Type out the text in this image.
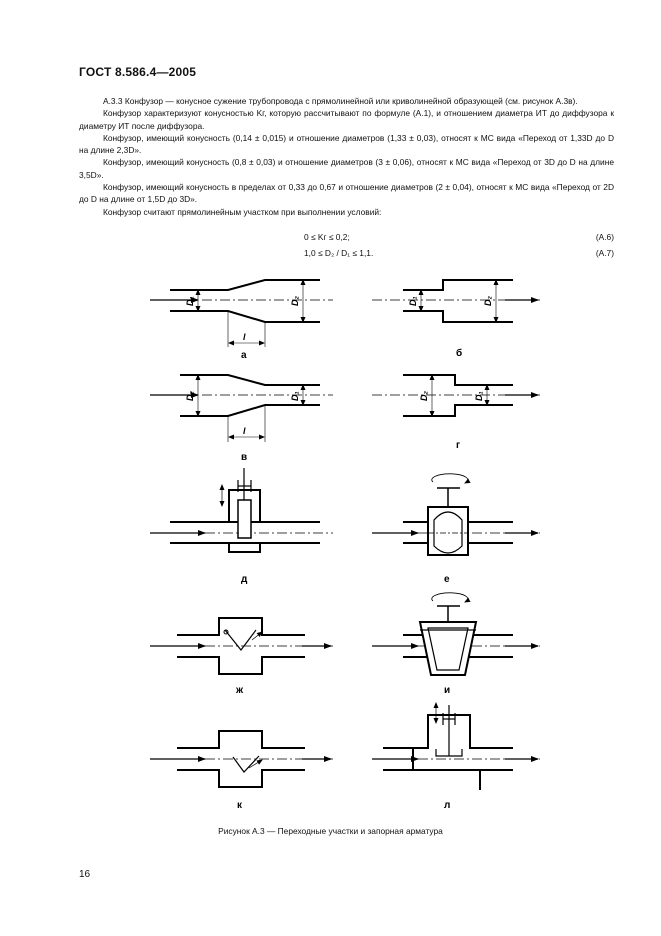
ГОСТ 8.586.4—2005

А.3.3 Конфузор — конусное сужение трубопровода с прямолинейной или криволинейной образующей (см. рисунок А.3в).

Конфузор характеризуют конусностью Kг, которую рассчитывают по формуле (А.1), и отношением диаметра ИТ до диффузора к диаметру ИТ после диффузора.

Конфузор, имеющий конусность (0,14 ± 0,015) и отношение диаметров (1,33 ± 0,03), относят к МС вида «Переход от 1,33D до D на длине 2,3D».

Конфузор, имеющий конусность (0,8 ± 0,03) и отношение диаметров (3 ± 0,06), относят к МС вида «Переход от 3D до D на длине 3,5D».

Конфузор, имеющий конусность в пределах от 0,33 до 0,67 и отношение диаметров (2 ± 0,04), относят к МС вида «Переход от 2D до D на длине от 1,5D до 3D».

Конфузор считают прямолинейным участком при выполнении условий:

0 ≤ Kг ≤ 0,2;	(А.6)
1,0 ≤ D₂ / D₁ ≤ 1,1.	(А.7)
D₁	D₂
l
D₁	D₂
D₂	D₁
l
D₂	D₁
а	б
в
г
д	е
ж	и
к	л
Рисунок А.3 — Переходные участки и запорная арматура
16
